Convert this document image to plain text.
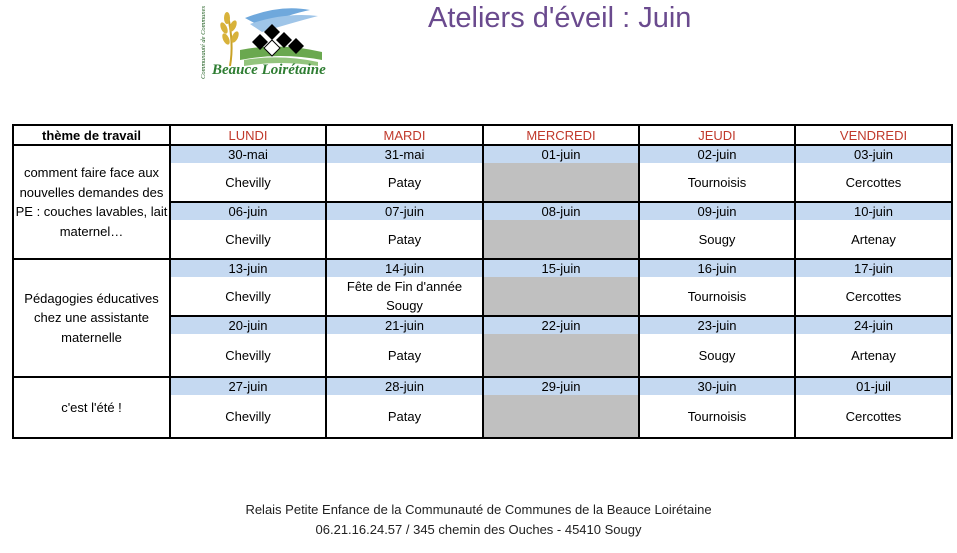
Communauté de Communes Beauce Loirétaine
Ateliers d'éveil : Juin
thème de travail	LUNDI	MARDI	MERCREDI	JEUDI	VENDREDI
comment faire face aux nouvelles demandes des PE : couches lavables, lait maternel…	30-mai	31-mai	01-juin	02-juin	03-juin
	Chevilly	Patay		Tournoisis	Cercottes
	06-juin	07-juin	08-juin	09-juin	10-juin
	Chevilly	Patay		Sougy	Artenay
Pédagogies éducatives chez une assistante maternelle	13-juin	14-juin	15-juin	16-juin	17-juin
	Chevilly	Fête de Fin d'année Sougy		Tournoisis	Cercottes
	20-juin	21-juin	22-juin	23-juin	24-juin
	Chevilly	Patay		Sougy	Artenay
c'est l'été !	27-juin	28-juin	29-juin	30-juin	01-juil
	Chevilly	Patay		Tournoisis	Cercottes
Relais Petite Enfance de la Communauté de Communes de la Beauce Loirétaine
06.21.16.24.57 / 345 chemin des Ouches - 45410 Sougy
